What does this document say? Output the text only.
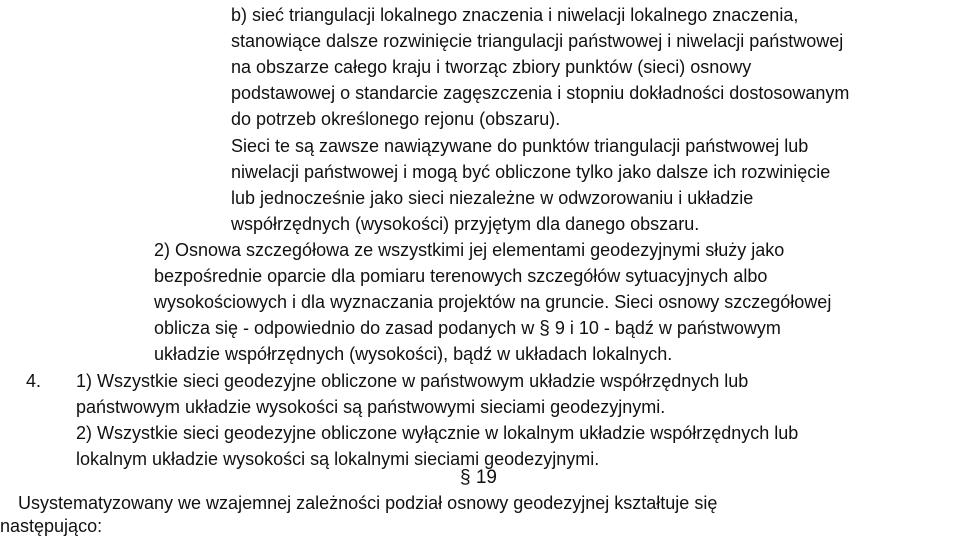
b) sieć triangulacji lokalnego znaczenia i niwelacji lokalnego znaczenia,
stanowiące dalsze rozwinięcie triangulacji państwowej i niwelacji państwowej
na obszarze całego kraju i tworząc zbiory punktów (sieci) osnowy
podstawowej o standarcie zagęszczenia i stopniu dokładności dostosowanym
do potrzeb określonego rejonu (obszaru).
Sieci te są zawsze nawiązywane do punktów triangulacji państwowej lub
niwelacji państwowej i mogą być obliczone tylko jako dalsze ich rozwinięcie
lub jednocześnie jako sieci niezależne w odwzorowaniu i układzie
współrzędnych (wysokości) przyjętym dla danego obszaru.
2) Osnowa szczegółowa ze wszystkimi jej elementami geodezyjnymi służy jako
bezpośrednie oparcie dla pomiaru terenowych szczegółów sytuacyjnych albo
wysokościowych i dla wyznaczania projektów na gruncie. Sieci osnowy szczegółowej
oblicza się - odpowiednio do zasad podanych w § 9 i 10 - bądź w państwowym
układzie współrzędnych (wysokości), bądź w układach lokalnych.
4. 1) Wszystkie sieci geodezyjne obliczone w państwowym układzie współrzędnych lub
państwowym układzie wysokości są państwowymi sieciami geodezyjnymi.
2) Wszystkie sieci geodezyjne obliczone wyłącznie w lokalnym układzie współrzędnych lub
lokalnym układzie wysokości są lokalnymi sieciami geodezyjnymi.
§ 19
Usystematyzowany we wzajemnej zależności podział osnowy geodezyjnej kształtuje się
następująco:
